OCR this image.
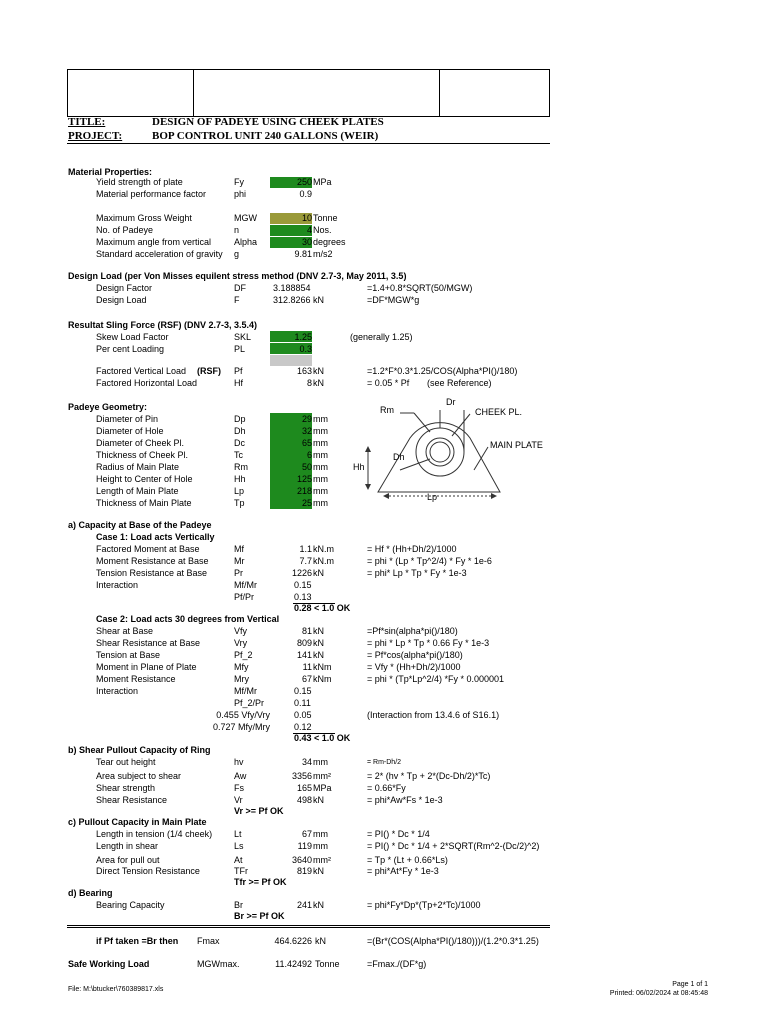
TITLE:	DESIGN OF PADEYE USING CHEEK PLATES
PROJECT:	BOP CONTROL UNIT 240 GALLONS (WEIR)
Material Properties:
Yield strength of plate	Fy	250 MPa
Material performance factor	phi	0.9
Maximum Gross Weight	MGW	10 Tonne
No. of Padeye	n	4 Nos.
Maximum angle from vertical	Alpha	30 degrees
Standard acceleration of gravity g	9.81 m/s2
Design Load (per Von Misses equilent stress method (DNV 2.7-3, May 2011, 3.5)
Design Factor	DF	3.188854	=1.4+0.8*SQRT(50/MGW)
Design Load	F	312.8266 kN	=DF*MGW*g
Resultat Sling Force (RSF) (DNV 2.7-3, 3.5.4)
Skew Load Factor	SKL	1.25	(generally 1.25)
Per cent Loading	PL	0.3
Factored Vertical Load (RSF) Pf	163 kN	=1.2*F*0.3*1.25/COS(Alpha*PI()/180)
Factored Horizontal Load	Hf	8 kN	= 0.05 * Pf (see Reference)
Padeye Geometry:
Diameter of Pin	Dp	29 mm
Diameter of Hole	Dh	32 mm
Diameter of Cheek Pl.	Dc	65 mm
Thickness of Cheek Pl.	Tc	6 mm
Radius of Main Plate	Rm	50 mm
Height to Center of Hole	Hh	125 mm
Length of Main Plate	Lp	218 mm
Thickness of Main Plate	Tp	25 mm
Rm
Dr
CHEEK PL.
MAIN PLATE
Dh
Hh
Lp
a) Capacity at Base of the Padeye
Case 1: Load acts Vertically
Factored Moment at Base	Mf	1.1 kN.m	= Hf * (Hh+Dh/2)/1000
Moment Resistance at Base	Mr	7.7 kN.m	= phi * (Lp * Tp^2/4) * Fy * 1e-6
Tension Resistance at Base	Pr	1226 kN	= phi* Lp * Tp * Fy * 1e-3
Interaction	Mf/Mr	0.15
Pf/Pr	0.13
0.28 < 1.0 OK
Case 2: Load acts 30 degrees from Vertical
Shear at Base	Vfy	81 kN	=Pf*sin(alpha*pi()/180)
Shear Resistance at Base	Vry	809 kN	= phi * Lp * Tp * 0.66 Fy * 1e-3
Tension at Base	Pf_2	141 kN	= Pf*cos(alpha*pi()/180)
Moment in Plane of Plate	Mfy	11 kNm	= Vfy * (Hh+Dh/2)/1000
Moment Resistance	Mry	67 kNm	= phi * (Tp*Lp^2/4) *Fy * 0.000001
Interaction	Mf/Mr	0.15
Pf_2/Pr	0.11
0.455 Vfy/Vry	0.05	(Interaction from 13.4.6 of S16.1)
0.727 Mfy/Mry	0.12
0.43 < 1.0 OK
b) Shear Pullout Capacity of Ring
Tear out height	hv	34 mm	= Rm-Dh/2
Area subject to shear	Aw	3356 mm²	= 2* (hv * Tp + 2*(Dc-Dh/2)*Tc)
Shear strength	Fs	165 MPa	= 0.66*Fy
Shear Resistance	Vr	498 kN	= phi*Aw*Fs * 1e-3
Vr >= Pf OK
c) Pullout Capacity in Main Plate
Length in tension (1/4 cheek) Lt	67 mm	= PI() * Dc * 1/4
Length in shear	Ls	119 mm	= PI() * Dc * 1/4 + 2*SQRT(Rm^2-(Dc/2)^2)
Area for pull out	At	3640 mm²	= Tp * (Lt + 0.66*Ls)
Direct Tension Resistance	TFr	819 kN	= phi*At*Fy * 1e-3
Tfr >= Pf OK
d) Bearing
Bearing Capacity	Br	241 kN	= phi*Fy*Dp*(Tp+2*Tc)/1000
Br >= Pf OK
if Pf taken =Br then Fmax	464.6226 kN	=(Br*(COS(Alpha*PI()/180)))/(1.2*0.3*1.25)
Safe Working Load	MGWmax.	11.42492 Tonne	=Fmax./(DF*g)
File: M:\btucker\760389817.xls
Page 1 of 1
Printed: 06/02/2024 at 08:45:48
